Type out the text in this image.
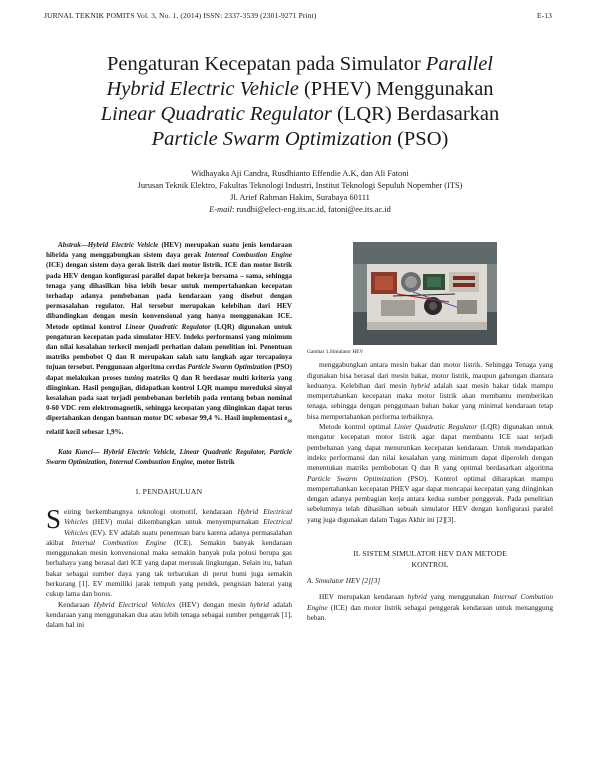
JURNAL TEKNIK POMITS Vol. 3, No. 1, (2014) ISSN: 2337-3539 (2301-9271 Print)	E-13
Pengaturan Kecepatan pada Simulator Parallel
Hybrid Electric Vehicle (PHEV) Menggunakan
Linear Quadratic Regulator (LQR) Berdasarkan
Particle Swarm Optimization (PSO)
Widhayaka Aji Candra, Rusdhianto Effendie A.K, dan Ali Fatoni
Jurusan Teknik Elektro, Fakultas Teknologi Industri, Institut Teknologi Sepuluh Nopember (ITS)
Jl. Arief Rahman Hakim, Surabaya 60111
E-mail: rusdhi@elect-eng.its.ac.id, fatoni@ee.its.ac.id

Abstrak—Hybrid Electric Vehicle (HEV) merupakan suatu jenis kendaraan hibrida yang menggabungkan sistem daya gerak Internal Combustion Engine (ICE) dengan sistem daya gerak listrik dari motor listrik. ICE dan motor listrik pada HEV dengan konfigurasi parallel dapat bekerja bersama – sama, sehingga tenaga yang dihasilkan bisa lebih besar untuk mempertahankan kecepatan terhadap adanya pembebanan pada kendaraan yang disebut dengan permasalahan regulator. Hal tersebut merupakan kelebihan dari HEV dibandingkan dengan mesin konvensional yang hanya menggunakan ICE. Metode optimal kontrol Linear Quadratic Regulator (LQR) digunakan untuk pengaturan kecepatan pada simulator HEV. Indeks performansi yang minimum dan nilai kesalahan terkecil menjadi perhatian dalam penelitian ini. Penentuan matriks pembobot Q dan R merupakan salah satu langkah agar tercapainya tujuan tersebut. Penggunaan algoritma cerdas Particle Swarm Optimization (PSO) dapat melakukan proses tuning matriks Q dan R berdasar multi kriteria yang diinginkan. Hasil pengujian, didapatkan kontrol LQR mampu mereduksi sinyal kesalahan pada saat terjadi pembebanan berlebih pada rentang beban nominal 0-60 VDC rem elektromagnetik, sehingga kecepatan yang diinginkan dapat terus dipertahankan dengan bantuan motor DC sebesar 99,4 %. Hasil implementasi $e_{ss}$ relatif kecil sebesar 1,9%.

Kata Kunci— Hybrid Electric Vehicle, Linear Quadratic Regulator, Particle Swarm Optimization, Internal Combustion Engine, motor listrik

I. PENDAHULUAN

Seiring berkembangnya teknologi otomotif, kendaraan Hybrid Electrical Vehicles (HEV) mulai dikembangkan untuk menyempurnakan Electrical Vehicles (EV). EV adalah suatu penemuan baru karena adanya permasalahan akibat Internal Combustion Engine (ICE). Semakin banyak kendaraan menggunakan mesin konvensional maka semakin banyak pula polusi berupa gas berbahaya yang berasal dari ICE yang dapat merusak lingkungan. Selain itu, bahan bakar sebagai sumber daya yang tak terbarukan di perut bumi juga semakin berkurang [1]. EV memiliki jarak tempuh yang pendek, pengisian baterai yang cukup lama dan boros.

Kendaraan Hybrid Electrical Vehicles (HEV) dengan mesin hybrid adalah kendaraan yang menggunakan dua atau lebih tenaga sebagai sumber penggerak [1], dalam hal ini

Gambar 1.Simulator HEV

menggabungkan antara mesin bakar dan motor listrik. Sehingga Tenaga yang digunakan bisa berasal dari mesin bakar, motor listrik, maupun gabungan diantara keduanya. Kelebihan dari mesin hybrid adalah saat mesin bakar tidak mampu mempertahankan kecepatan maka motor listrik akan membantu memberikan tenaga, sehingga dengan penggunaan bahan bakar yang minimal kendaraan tetap bisa mempertahankan performa terbaiknya.

Metode kontrol optimal Linier Quadratic Regulator (LQR) digunakan untuk mengatur kecepatan motor listrik agar dapat membantu ICE saat terjadi pembebanan yang dapat menurunkan kecepatan kendaraan. Untuk mendapatkan indeks performansi dan nilai kesalahan yang minimum dapat diperoleh dengan menentukan matriks pembobotan Q dan R yang optimal berdasarkan algoritma Particle Swarm Optimization (PSO). Kontrol optimal diharapkan mampu mempertahankan kecepatan PHEV agar dapat mencapai kecepatan yang diinginkan dengan adanya pembagian kerja antara kedua sumber penggerak. Pada penelitian sebelumnya telah dihasilkan sebuah simulator HEV dengan konfigurasi paralel yang juga digunakan dalam Tugas Akhir ini [2][3].

II. SISTEM SIMULATOR HEV DAN METODE
KONTROL
A. Simulator HEV [2][3]

HEV merupakan kendaraan hybrid yang menggunakan Internal Combution Engine (ICE) dan motor listrik sebagai penggerak kendaraan untuk menanggung beban.
